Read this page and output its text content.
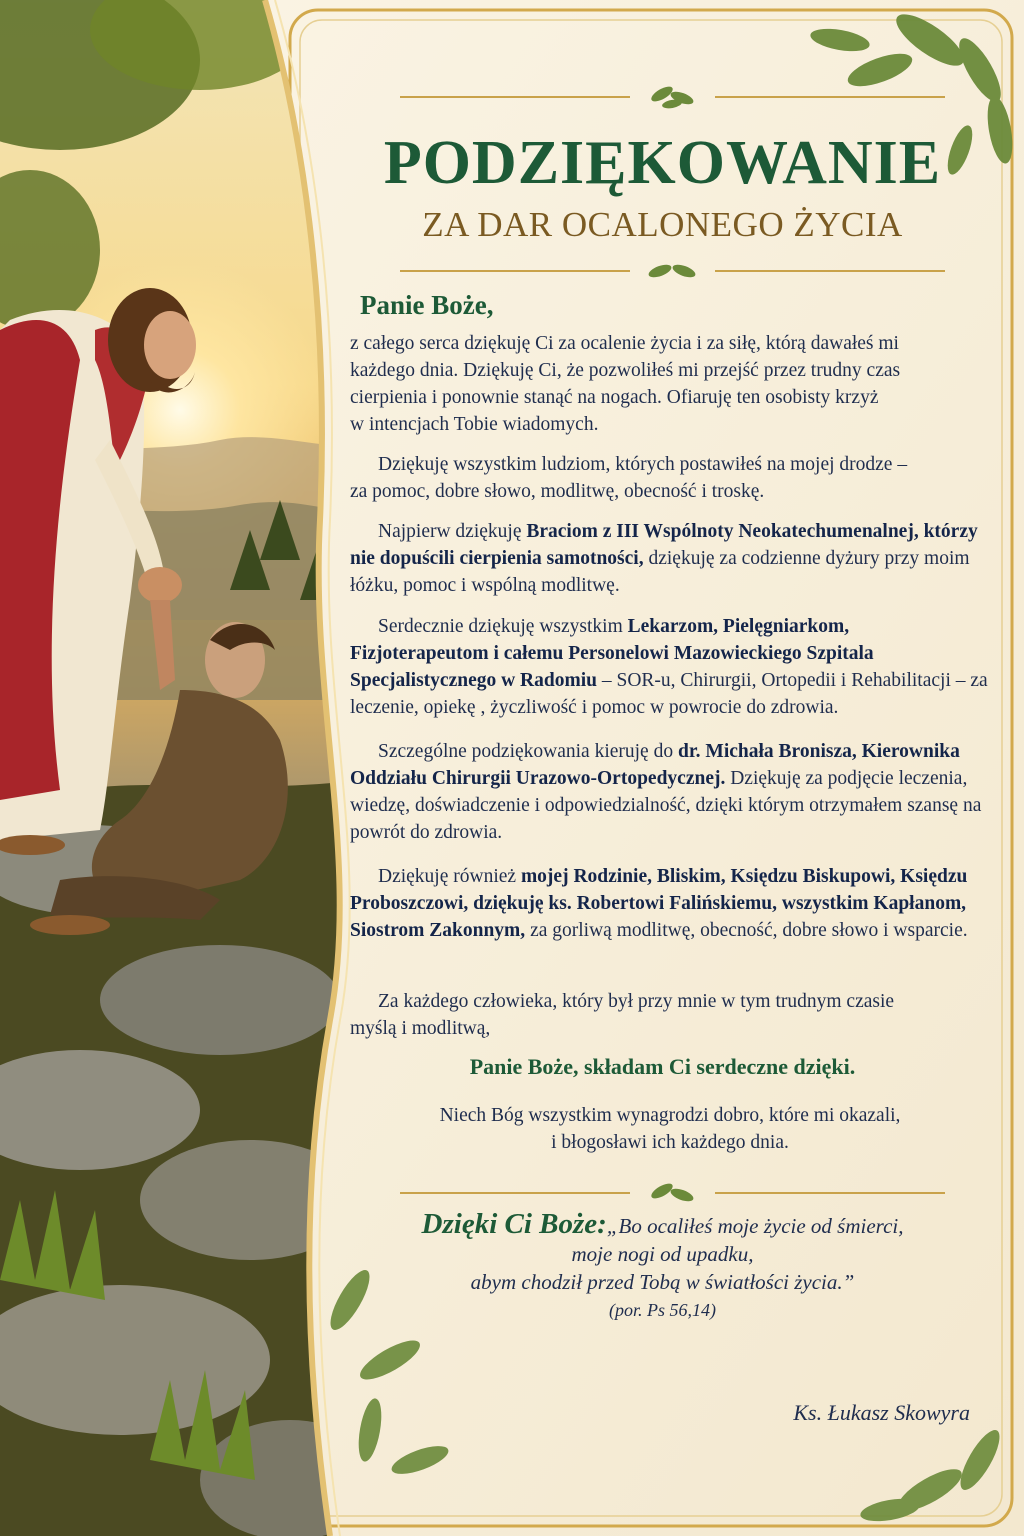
PODZIĘKOWANIE
ZA DAR OCALONEGO ŻYCIA
Panie Boże,
z całego serca dziękuję Ci za ocalenie życia i za siłę, którą dawałeś mi
każdego dnia. Dziękuję Ci, że pozwoliłeś mi przejść przez trudny czas
cierpienia i ponownie stanąć na nogach. Ofiaruję ten osobisty krzyż
w intencjach Tobie wiadomych.
Dziękuję wszystkim ludziom, których postawiłeś na mojej drodze –
za pomoc, dobre słowo, modlitwę, obecność i troskę.
Najpierw dziękuję Braciom z III Wspólnoty Neokatechumenalnej, którzy nie dopuścili cierpienia samotności, dziękuję za codzienne dyżury przy moim łóżku, pomoc i wspólną modlitwę.
Serdecznie dziękuję wszystkim Lekarzom, Pielęgniarkom, Fizjoterapeutom i całemu Personelowi Mazowieckiego Szpitala Specjalistycznego w Radomiu – SOR-u, Chirurgii, Ortopedii i Rehabilitacji – za leczenie, opiekę , życzliwość i pomoc w powrocie do zdrowia.
Szczególne podziękowania kieruję do dr. Michała Bronisza, Kierownika Oddziału Chirurgii Urazowo-Ortopedycznej. Dziękuję za podjęcie leczenia, wiedzę, doświadczenie i odpowiedzialność, dzięki którym otrzymałem szansę na powrót do zdrowia.
Dziękuję również mojej Rodzinie, Bliskim, Księdzu Biskupowi, Księdzu Proboszczowi, dziękuję ks. Robertowi Falińskiemu, wszystkim Kapłanom, Siostrom Zakonnym, za gorliwą modlitwę, obecność, dobre słowo i wsparcie.
Za każdego człowieka, który był przy mnie w tym trudnym czasie
myślą i modlitwą,
Panie Boże, składam Ci serdeczne dzięki.
Niech Bóg wszystkim wynagrodzi dobro, które mi okazali,
i błogosławi ich każdego dnia.
Dzięki Ci Boże:„Bo ocaliłeś moje życie od śmierci,
moje nogi od upadku,
abym chodził przed Tobą w światłości życia.”
(por. Ps 56,14)
Ks. Łukasz Skowyra
